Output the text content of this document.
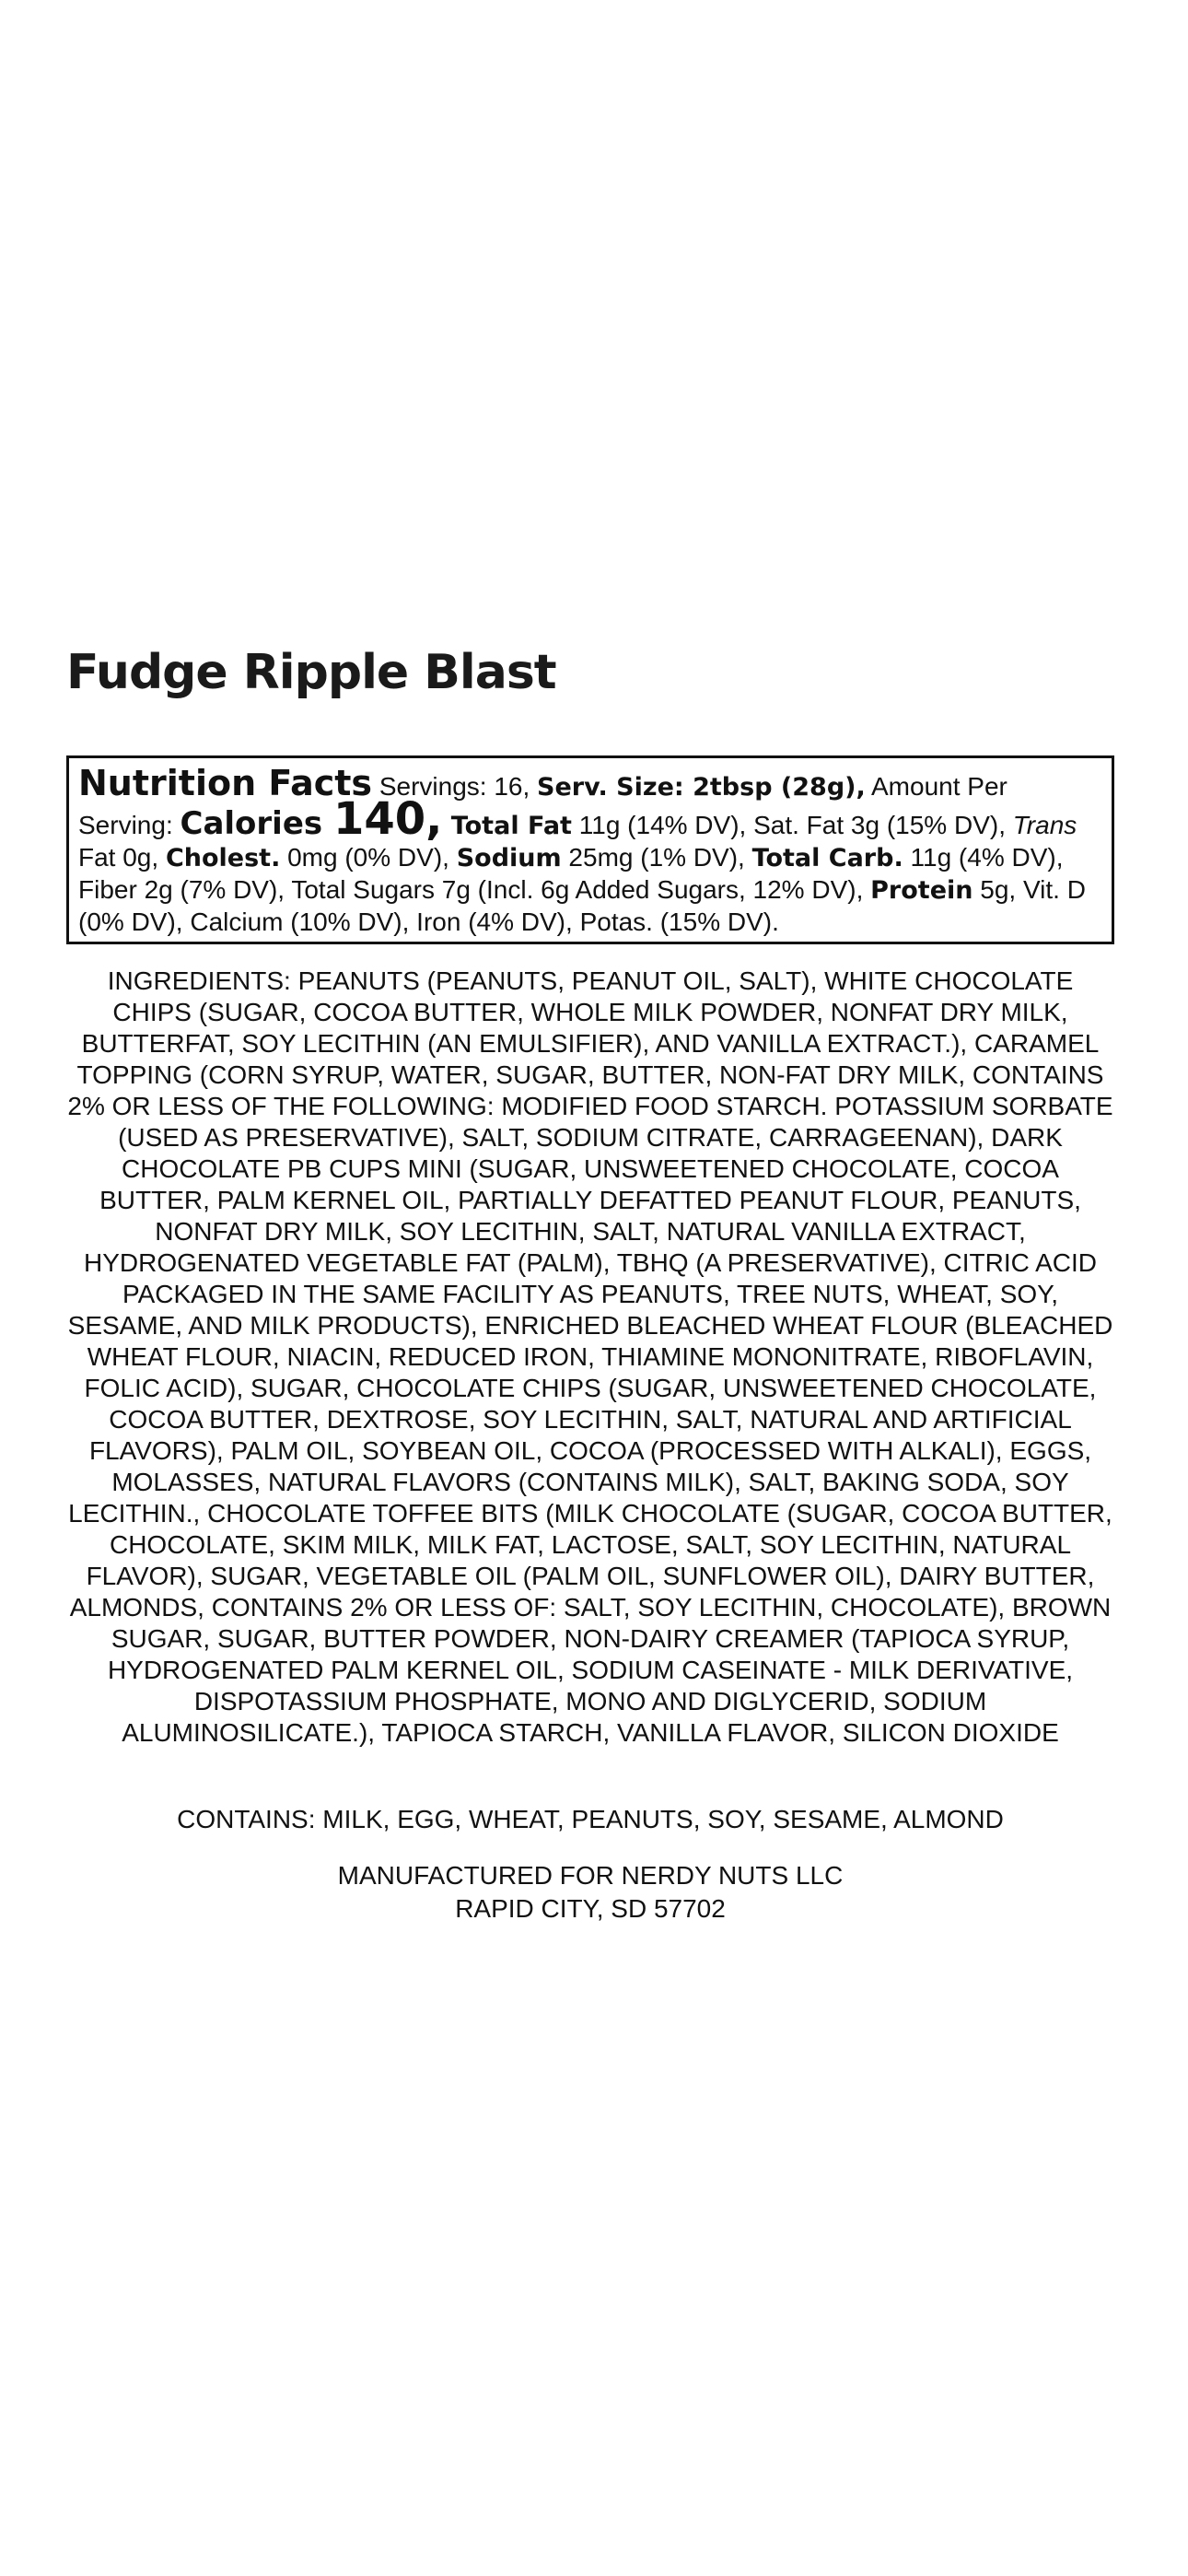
Fudge Ripple Blast

Nutrition Facts Servings: 16, Serv. Size: 2tbsp (28g), Amount Per Serving: Calories 140, Total Fat 11g (14% DV), Sat. Fat 3g (15% DV), Trans Fat 0g, Cholest. 0mg (0% DV), Sodium 25mg (1% DV), Total Carb. 11g (4% DV), Fiber 2g (7% DV), Total Sugars 7g (Incl. 6g Added Sugars, 12% DV), Protein 5g, Vit. D (0% DV), Calcium (10% DV), Iron (4% DV), Potas. (15% DV).

INGREDIENTS: PEANUTS (PEANUTS, PEANUT OIL, SALT), WHITE CHOCOLATE CHIPS (SUGAR, COCOA BUTTER, WHOLE MILK POWDER, NONFAT DRY MILK, BUTTERFAT, SOY LECITHIN (AN EMULSIFIER), AND VANILLA EXTRACT.), CARAMEL TOPPING (CORN SYRUP, WATER, SUGAR, BUTTER, NON-FAT DRY MILK, CONTAINS 2% OR LESS OF THE FOLLOWING: MODIFIED FOOD STARCH. POTASSIUM SORBATE (USED AS PRESERVATIVE), SALT, SODIUM CITRATE, CARRAGEENAN), DARK CHOCOLATE PB CUPS MINI (SUGAR, UNSWEETENED CHOCOLATE, COCOA BUTTER, PALM KERNEL OIL, PARTIALLY DEFATTED PEANUT FLOUR, PEANUTS, NONFAT DRY MILK, SOY LECITHIN, SALT, NATURAL VANILLA EXTRACT, HYDROGENATED VEGETABLE FAT (PALM), TBHQ (A PRESERVATIVE), CITRIC ACID PACKAGED IN THE SAME FACILITY AS PEANUTS, TREE NUTS, WHEAT, SOY, SESAME, AND MILK PRODUCTS), ENRICHED BLEACHED WHEAT FLOUR (BLEACHED WHEAT FLOUR, NIACIN, REDUCED IRON, THIAMINE MONONITRATE, RIBOFLAVIN, FOLIC ACID), SUGAR, CHOCOLATE CHIPS (SUGAR, UNSWEETENED CHOCOLATE, COCOA BUTTER, DEXTROSE, SOY LECITHIN, SALT, NATURAL AND ARTIFICIAL FLAVORS), PALM OIL, SOYBEAN OIL, COCOA (PROCESSED WITH ALKALI), EGGS, MOLASSES, NATURAL FLAVORS (CONTAINS MILK), SALT, BAKING SODA, SOY LECITHIN., CHOCOLATE TOFFEE BITS (MILK CHOCOLATE (SUGAR, COCOA BUTTER, CHOCOLATE, SKIM MILK, MILK FAT, LACTOSE, SALT, SOY LECITHIN, NATURAL FLAVOR), SUGAR, VEGETABLE OIL (PALM OIL, SUNFLOWER OIL), DAIRY BUTTER, ALMONDS, CONTAINS 2% OR LESS OF: SALT, SOY LECITHIN, CHOCOLATE), BROWN SUGAR, SUGAR, BUTTER POWDER, NON-DAIRY CREAMER (TAPIOCA SYRUP, HYDROGENATED PALM KERNEL OIL, SODIUM CASEINATE - MILK DERIVATIVE, DISPOTASSIUM PHOSPHATE, MONO AND DIGLYCERID, SODIUM ALUMINOSILICATE.), TAPIOCA STARCH, VANILLA FLAVOR, SILICON DIOXIDE

CONTAINS: MILK, EGG, WHEAT, PEANUTS, SOY, SESAME, ALMOND

MANUFACTURED FOR NERDY NUTS LLC
RAPID CITY, SD 57702
